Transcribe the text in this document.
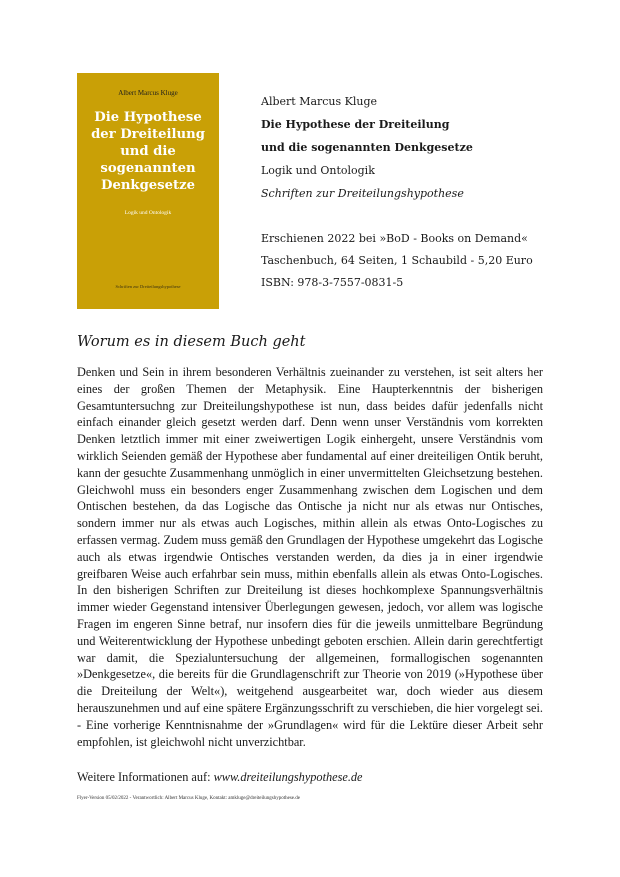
Albert Marcus Kluge
Die Hypothese
der Dreiteilung
und die
sogenannten
Denkgesetze
Logik und Ontologik
Schriften zur Dreiteilungshypothese
Albert Marcus Kluge
Die Hypothese der Dreiteilung
und die sogenannten Denkgesetze
Logik und Ontologik
Schriften zur Dreiteilungshypothese
Erschienen 2022 bei »BoD - Books on Demand«
Taschenbuch, 64 Seiten, 1 Schaubild - 5,20 Euro
ISBN: 978-3-7557-0831-5
Worum es in diesem Buch geht
Denken und Sein in ihrem besonderen Verhältnis zueinander zu verstehen, ist seit alters her eines der großen Themen der Metaphysik. Eine Haupterkenntnis der bisherigen Gesamtuntersuchng zur Dreiteilungshypothese ist nun, dass beides dafür jedenfalls nicht einfach einander gleich gesetzt werden darf. Denn wenn unser Verständnis vom korrekten Denken letztlich immer mit einer zweiwertigen Logik einhergeht, unsere Verständnis vom wirklich Seienden gemäß der Hypothese aber fundamental auf einer dreiteiligen Ontik beruht, kann der gesuchte Zusammenhang unmöglich in einer unvermittelten Gleichsetzung bestehen. Gleichwohl muss ein besonders enger Zusammenhang zwischen dem Logischen und dem Ontischen bestehen, da das Logische das Ontische ja nicht nur als etwas nur Ontisches, sondern immer nur als etwas auch Logisches, mithin allein als etwas Onto-Logisches zu erfassen vermag. Zudem muss gemäß den Grundlagen der Hypothese umgekehrt das Logische auch als etwas irgendwie Ontisches verstanden werden, da dies ja in einer irgendwie greifbaren Weise auch erfahrbar sein muss, mithin ebenfalls allein als etwas Onto-Logisches. In den bisherigen Schriften zur Dreiteilung ist dieses hochkomplexe Spannungsverhältnis immer wieder Gegenstand intensiver Überlegungen gewesen, jedoch, vor allem was logische Fragen im engeren Sinne betraf, nur insofern dies für die jeweils unmittelbare Begründung und Weiterentwicklung der Hypothese unbedingt geboten erschien. Allein darin gerechtfertigt war damit, die Spezialuntersuchung der allgemeinen, formallogischen sogenannten »Denkgesetze«, die bereits für die Grundlagenschrift zur Theorie von 2019 (»Hypothese über die Dreiteilung der Welt«), weitgehend ausgearbeitet war, doch wieder aus diesem herauszunehmen und auf eine spätere Ergänzungsschrift zu verschieben, die hier vorgelegt sei. - Eine vorherige Kenntnisnahme der »Grundlagen« wird für die Lektüre dieser Arbeit sehr empfohlen, ist gleichwohl nicht unverzichtbar.
Weitere Informationen auf: www.dreiteilungshypothese.de
Flyer-Version 05/02/2022 - Verantwortlich: Albert Marcus Kluge, Kontakt: amkluge@dreiteilungshypothese.de
